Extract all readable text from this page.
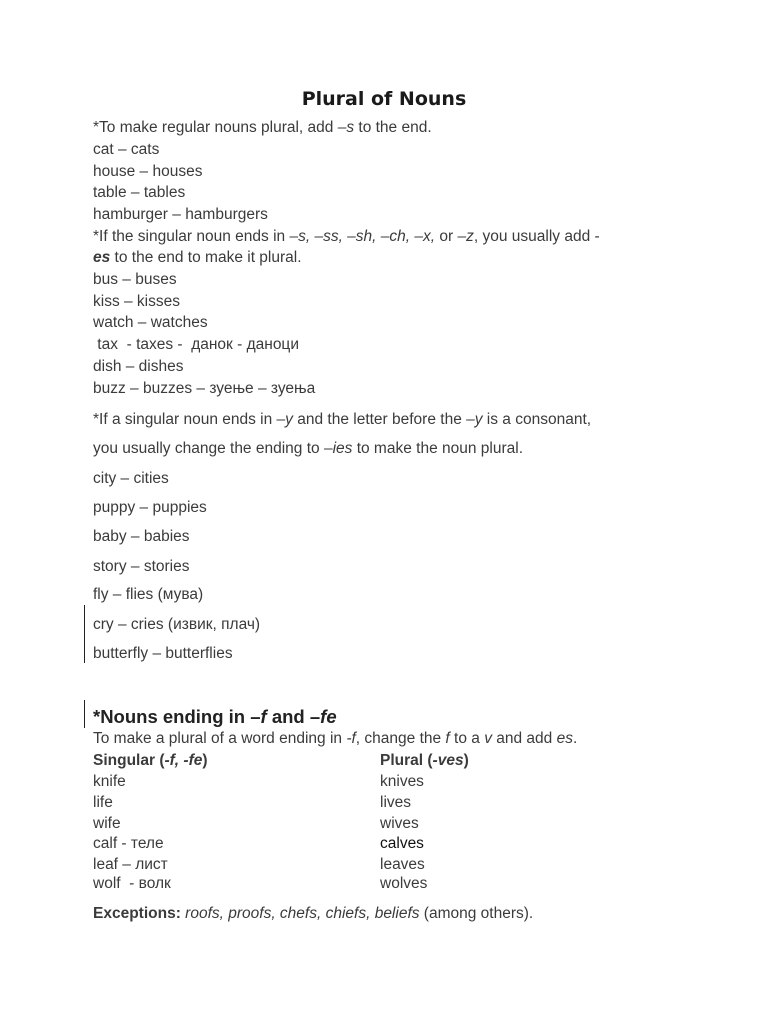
Plural of Nouns
*To make regular nouns plural, add –s to the end.
cat – cats
house – houses
table – tables
hamburger – hamburgers
*If the singular noun ends in –s, –ss, –sh, –ch, –x, or –z, you usually add -
es to the end to make it plural.
bus – buses
kiss – kisses
watch – watches
tax  - taxes -  данок - даноци
dish – dishes
buzz – buzzes – зуење – зуења
*If a singular noun ends in –y and the letter before the –y is a consonant,
you usually change the ending to –ies to make the noun plural.
city – cities
puppy – puppies
baby – babies
story – stories
fly – flies (мува)
cry – cries (извик, плач)
butterfly – butterflies
*Nouns ending in –f and –fe
To make a plural of a word ending in -f, change the f to a v and add es.
Singular (-f, -fe)	Plural (-ves)
knife	knives
life	lives
wife	wives
calf - теле	calves
leaf – лист	leaves
wolf  - волк	wolves
Exceptions: roofs, proofs, chefs, chiefs, beliefs (among others).
